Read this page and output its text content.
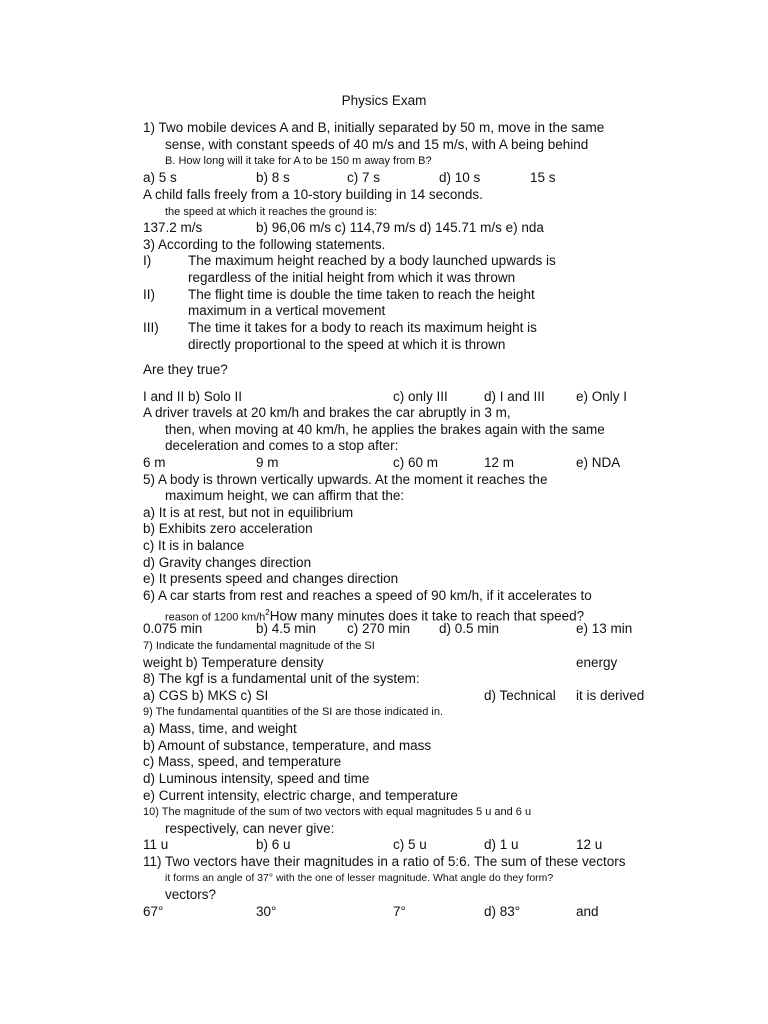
Physics Exam
1) Two mobile devices A and B, initially separated by 50 m, move in the same
sense, with constant speeds of 40 m/s and 15 m/s, with A being behind
B. How long will it take for A to be 150 m away from B?
a) 5 s	b) 8 s	c) 7 s	d) 10 s	15 s
A child falls freely from a 10-story building in 14 seconds.
the speed at which it reaches the ground is:
137.2 m/s	b) 96,06 m/s c) 114,79 m/s d) 145.71 m/s e) nda
3) According to the following statements.
I)	The maximum height reached by a body launched upwards is
regardless of the initial height from which it was thrown
II) The flight time is double the time taken to reach the height
maximum in a vertical movement
III) The time it takes for a body to reach its maximum height is
directly proportional to the speed at which it is thrown
Are they true?
I and II b) Solo II	c) only III	d) I and III e) Only I
A driver travels at 20 km/h and brakes the car abruptly in 3 m,
then, when moving at 40 km/h, he applies the brakes again with the same
deceleration and comes to a stop after:
6 m	9 m	c) 60 m	12 m	e) NDA
5) A body is thrown vertically upwards. At the moment it reaches the
maximum height, we can affirm that the:
a) It is at rest, but not in equilibrium
b) Exhibits zero acceleration
c) It is in balance
d) Gravity changes direction
e) It presents speed and changes direction
6) A car starts from rest and reaches a speed of 90 km/h, if it accelerates to
reason of 1200 $km/h^2How$ many minutes does it take to reach that speed?
0.075 min	b) 4.5 min c) 270 min d) 0.5 min	e) 13 min
7) Indicate the fundamental magnitude of the SI
weight b) Temperature density	energy
8) The kgf is a fundamental unit of the system:
a) CGS b) MKS c) SI	d) Technical it is derived
9) The fundamental quantities of the SI are those indicated in.
a) Mass, time, and weight
b) Amount of substance, temperature, and mass
c) Mass, speed, and temperature
d) Luminous intensity, speed and time
e) Current intensity, electric charge, and temperature
10) The magnitude of the sum of two vectors with equal magnitudes 5 u and 6 u
respectively, can never give:
11 u	b) 6 u	c) 5 u	d) 1 u	12 u
11) Two vectors have their magnitudes in a ratio of 5:6. The sum of these vectors
it forms an angle of 37° with the one of lesser magnitude. What angle do they form?
vectors?
67°	30°	7°	d) 83°	and
